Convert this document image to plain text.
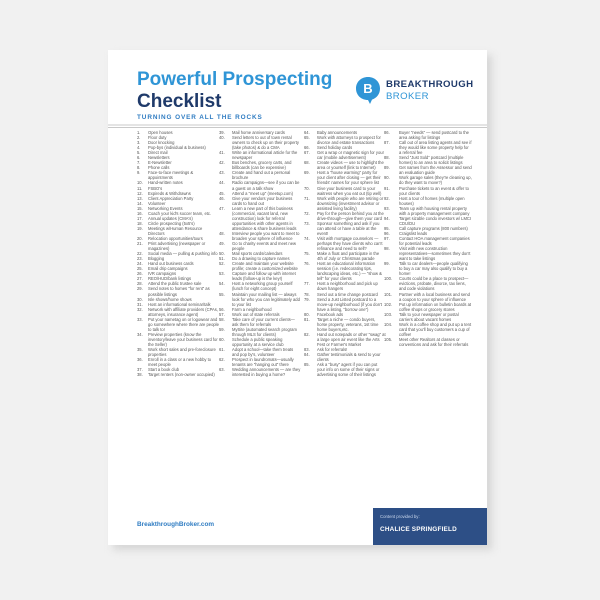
Powerful Prospecting
Checklist
TURNING OVER ALL THE ROCKS
B BREAKTHROUGH
BROKER
1.	Open houses
2.	Floor duty
3.	Door knocking
4.	Pop-bys (individual & business)
5.	Direct mail
6.	Newsletters
7.	E-Newsletter
8.	Phone calls
9.	Face-to-face meetings & appointments
10.	Hand-written notes
11.	FSBO's
12.	Expireds & Withdrawns
13.	Client Appreciation Party
14.	Volunteer
15.	Networking Events
16.	Coach your kid's soccer team, etc.
17.	Annual updates (CMA's)
18.	Circle prospecting (5x5's)
19.	Meetings w/Human Resource Directors
20.	Relocation opportunities/tours
21.	Print advertising (newspaper or magazines)
22.	Social media — pulling & pushing info
23.	Blogging
24.	Hand out business cards
25.	Email drip campaigns
26.	IVR campaigns
27.	REO/HUD/bank listings
28.	Attend the public trustee sale
29.	Send notes to homes “for rent” as possible listings
30.	Isle shows/home shows
31.	Host an informational seminar/talk
32.	Network with affiliate providers (CPAs, attorneys, insurance agent)
33.	Put your nametag on or logowear and go somewhere where there are people to talk to!
34.	Preview properties (know the inventory/leave your business card for the Seller)
35.	Work short sales and pre-foreclosure properties
36.	Enroll in a class or a new hobby to meet people
37.	Start a book club
38.	Target renters (non-owner occupied)
39.	Mail home anniversary cards
40.	Send letters to out of town rental owners to check up on their property (take photos) & do a CMA
41.	Write an informational article for the newspaper
42.	Bus benches, grocery carts, and billboards (can be expensive)
43.	Create and hand out a personal brochure
44.	Radio campaigns—see if you can be a guest on a talk show
45.	Attend a “meet up” (meetup.com)
46.	Give your vendors your business cards to hand out
47.	Learn a new part of this business (commercial, vacant land, new construction) look for referral opportunities with other agents in attendance & share business leads
48.	Interview people you want to meet to broaden your sphere of influence
49.	Go to charity events and meet new people
50.	Mail sports cards/calendars
51.	Do a drawing to capture names
52.	Create and maintain your website profile; create a customized website
53.	Capture and follow up with internet leads (follow-up is the key!)
54.	Host a networking group yourself (lunch for eight concept)
55.	Maintain your mailing list — always look for who you can legitimately add to your list
56.	Farm a neighborhood
57.	Work out of state referrals
58.	Take care of your current clients—ask them for referrals
59.	MySite (automated search program through MLS for clients)
60.	Schedule a public speaking opportunity at a service club
61.	Adopt a school—take them treats and pop by's, volunteer
62.	Prospect in laundromats—usually tenants are “hanging out” there
63.	Wedding announcements — are they interested in buying a home?
64.	Baby announcements
65.	Work with attorneys to prospect for divorce and estate transactions
66.	Send holiday cards
67.	Get a wrap or magnetic sign for your car (mobile advertisement)
68.	Create videos — use to highlight the area or yourself (link to Internet)
69.	Host a “house warming” party for your client after closing — get their friends' names for your sphere list
70.	Give your business card to your waitress when you eat out (tip well)
71.	Work with people who are retiring or downsizing (investment advisor or assisted living facility)
72.	Pay for the person behind you at the drive-through—give them your card
73.	Sponsor something and ask if you can attend or have a table at the event!
74.	Visit with mortgage counselors — perhaps they have clients who can't refinance and need to sell?
75.	Make a float and participate in the 4th of July or Christmas parade
76.	Host an educational information session (i.e. redecorating tips, landscaping ideas, etc.) — “show & tell” for your clients
77.	Host a neighborhood and pick up down hangers
78.	Send out a time change postcard
79.	Send a Just Listed postcard to a move-up neighborhood (if you don't have a listing, “borrow one”)
80.	Facebook ads
81.	Target a niche — condo buyers, horse property, veterans, 1st time home buyers,etc.
82.	Hand out notepads or other “swag” at a large open air event like the Arts Fest or Farmer's Market
83.	Ask for referrals!
84.	Gather testimonials & send to your clients
85.	Ask a “busy” agent if you can put your info on some of their signs or advertising some of their listings
86.	Buyer “needs” — send postcard to the area asking for listings
87.	Call out of area listing agents and see if they would like some property help for a referral fee
88.	Send “Just Sold” postcard (multiple homes) to an area to solicit listings
89.	Get names from the Assessor and send an evaluation guide
90.	Work garage sales (they're cleaning up, do they want to move?)
91.	Purchase tickets to an event & offer to your clients
92.	Host a tour of homes (multiple open houses)
93.	Team up with housing rental property with a property management company
94.	Target sizable condo investors w/ LMCI CDU/DU
95.	Call capture programs (800 numbers)
96.	Craigslist leads
97.	Contact HOA management companies for potential leads
98.	Visit with new construction representatives—sometimes they don't want to take listings
99.	Talk to car dealers—people qualifying to buy a car may also qualify to buy a home!
100.	Courts could be a place to prospect— evictions, probate, divorce, tax liens, and code violations
101.	Partner with a local business and send a coupon to your sphere of influence
102.	Put up information on bulletin boards at coffee shops or grocery stores
103.	Talk to your newspaper or postal carriers about vacant homes
104.	Work in a coffee shop and put up a tent card that you'll buy customers a cup of coffee!
105.	Meet other Realtors at classes or conventions and ask for their referrals
BreakthroughBroker.com
Content provided by:
CHALICE SPRINGFIELD
